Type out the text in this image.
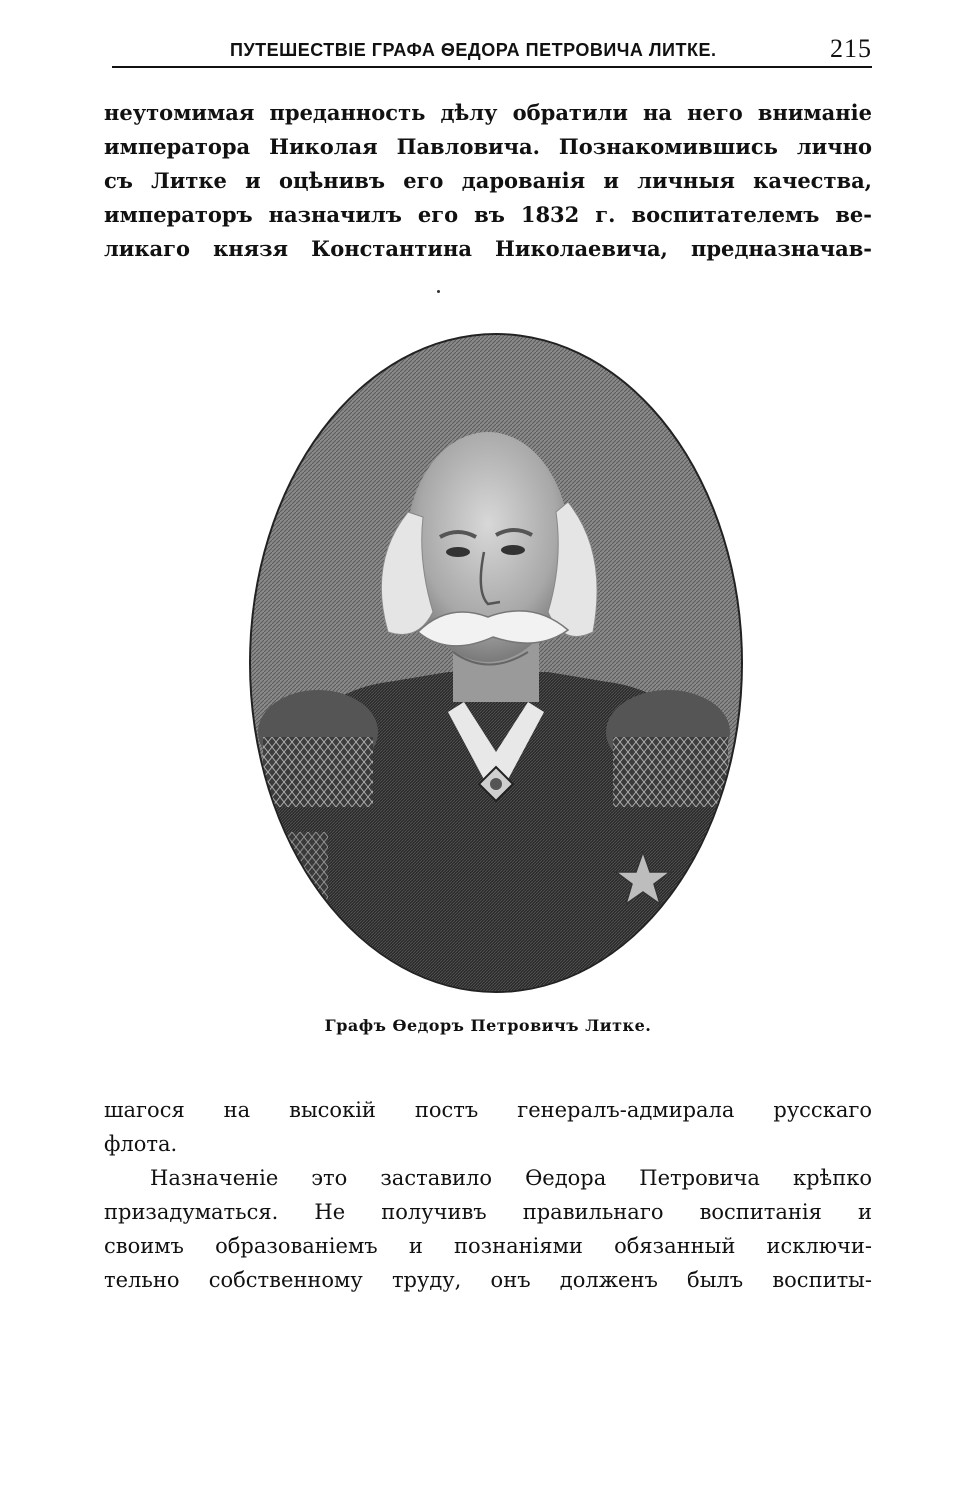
ПУТЕШЕСТВІЕ ГРАФА ѲЕДОРА ПЕТРОВИЧА ЛИТКЕ.	215
неутомимая преданность дѣлу обратили на него вниманіе
императора Николая Павловича. Познакомившись лично
съ Литке и оцѣнивъ его дарованія и личныя качества,
императоръ назначилъ его въ 1832 г. воспитателемъ ве-
ликаго князя Константина Николаевича, предназначав-
Графъ Ѳедоръ Петровичъ Литке.
шагося на высокій постъ генералъ-адмирала русскаго
флота.
Назначеніе это заставило Ѳедора Петровича крѣпко
призадуматься. Не получивъ правильнаго воспитанія и
своимъ образованіемъ и познаніями обязанный исключи-
тельно собственному труду, онъ долженъ былъ воспиты-
